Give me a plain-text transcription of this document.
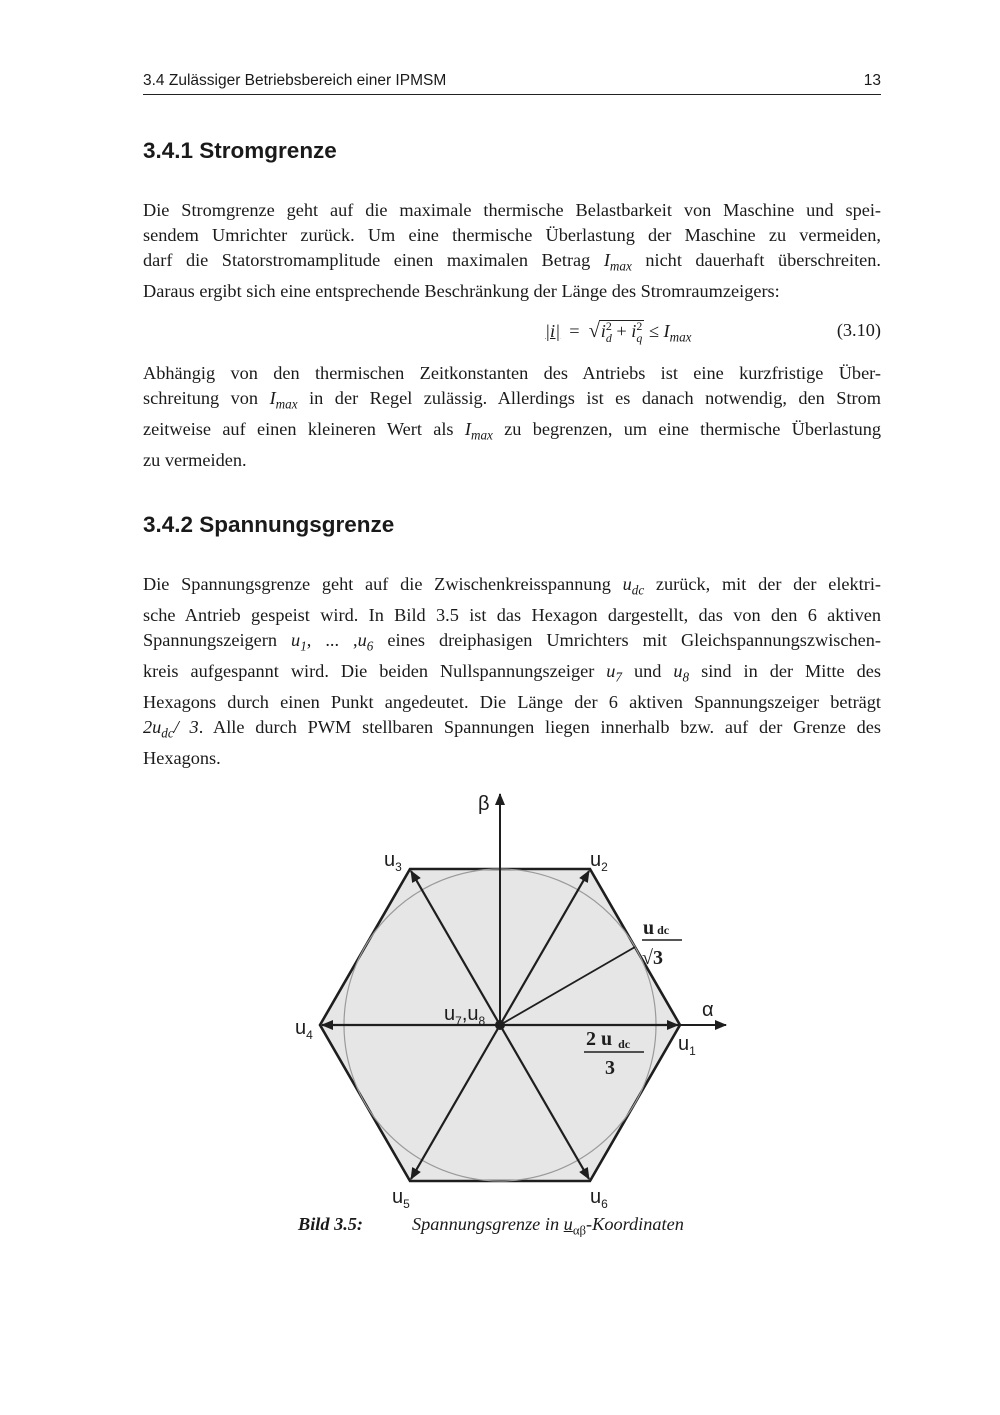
3.4 Zulässiger Betriebsbereich einer IPMSM	13
3.4.1 Stromgrenze
Die Stromgrenze geht auf die maximale thermische Belastbarkeit von Maschine und spei-
sendem Umrichter zurück. Um eine thermische Überlastung der Maschine zu vermeiden,
darf die Statorstromamplitude einen maximalen Betrag $I_{max}$ nicht dauerhaft überschreiten.
Daraus ergibt sich eine entsprechende Beschränkung der Länge des Stromraumzeigers:
|i| = √i2
d + i2
$q \le I_{max}$	(3.10)
Abhängig von den thermischen Zeitkonstanten des Antriebs ist eine kurzfristige Über-
schreitung von $I_{max}$ in der Regel zulässig. Allerdings ist es danach notwendig, den Strom
zeitweise auf einen kleineren Wert als $I_{max}$ zu begrenzen, um eine thermische Überlastung
zu vermeiden.
3.4.2 Spannungsgrenze
Die Spannungsgrenze geht auf die Zwischenkreisspannung $u_{dc}$ zurück, mit der der elektri-
sche Antrieb gespeist wird. In Bild 3.5 ist das Hexagon dargestellt, das von den 6 aktiven
Spannungszeigern $u_1$, ... $,u_6$ eines dreiphasigen Umrichters mit Gleichspannungszwischen-
kreis aufgespannt wird. Die beiden Nullspannungszeiger $u_7$ und $u_8$ sind in der Mitte des
Hexagons durch einen Punkt angedeutet. Die Länge der 6 aktiven Spannungszeiger beträgt
$2u_{dc}/$ 3. Alle durch PWM stellbaren Spannungen liegen innerhalb bzw. auf der Grenze des
Hexagons.
β
α
$u_1$
$u_2$
$u_3$
$u_4$
$u_5$	$u_6$
$u_7,u_8$
udc
√3
2 u dc
3
Bild 3.5:	Spannungsgrenze in $u_{\alpha\beta}$-Koordinaten
